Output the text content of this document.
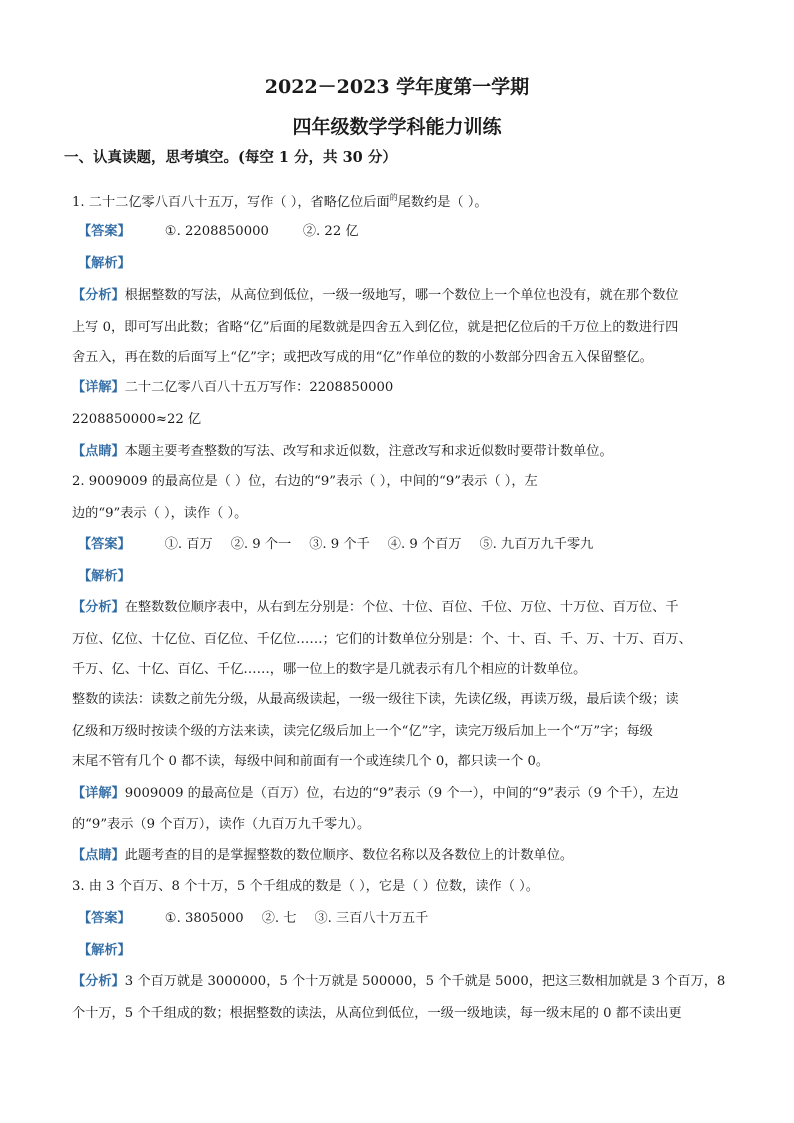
2022－2023 学年度第一学期
四年级数学学科能力训练
一、认真读题，思考填空。(每空 1 分，共 30 分）
1. 二十二亿零八百八十五万，写作（ ），省略亿位后面$^的$尾数约是（ ）。
【答案】	①. 2208850000	②. 22 亿
【解析】
【分析】根据整数的写法，从高位到低位，一级一级地写，哪一个数位上一个单位也没有，就在那个数位
上写 0，即可写出此数；省略“亿”后面的尾数就是四舍五入到亿位，就是把亿位后的千万位上的数进行四
舍五入，再在数的后面写上“亿”字；或把改写成的用“亿”作单位的数的小数部分四舍五入保留整亿。
【详解】二十二亿零八百八十五万写作：2208850000
2208850000≈22 亿
【点睛】本题主要考查整数的写法、改写和求近似数，注意改写和求近似数时要带计数单位。
2. 9009009 的最高位是（ ）位，右边的“9”表示（ ），中间的“9”表示（ ），左
边的“9”表示（ ），读作（ ）。
【答案】	①. 百万 ②. 9 个一 ③. 9 个千 ④. 9 个百万 ⑤. 九百万九千零九
【解析】
【分析】在整数数位顺序表中，从右到左分别是：个位、十位、百位、千位、万位、十万位、百万位、千
万位、亿位、十亿位、百亿位、千亿位……；它们的计数单位分别是：个、十、百、千、万、十万、百万、
千万、亿、十亿、百亿、千亿……，哪一位上的数字是几就表示有几个相应的计数单位。
整数的读法：读数之前先分级，从最高级读起，一级一级往下读，先读亿级，再读万级，最后读个级；读
亿级和万级时按读个级的方法来读，读完亿级后加上一个“亿”字，读完万级后加上一个“万”字；每级
末尾不管有几个 0 都不读，每级中间和前面有一个或连续几个 0，都只读一个 0。
【详解】9009009 的最高位是（百万）位，右边的“9”表示（9 个一），中间的“9”表示（9 个千），左边
的“9”表示（9 个百万），读作（九百万九千零九）。
【点睛】此题考查的目的是掌握整数的数位顺序、数位名称以及各数位上的计数单位。
3. 由 3 个百万、8 个十万，5 个千组成的数是（ ），它是（ ）位数，读作（ ）。
【答案】	①. 3805000 ②. 七 ③. 三百八十万五千
【解析】
【分析】3 个百万就是 3000000，5 个十万就是 500000，5 个千就是 5000，把这三数相加就是 3 个百万，8
个十万，5 个千组成的数；根据整数的读法，从高位到低位，一级一级地读，每一级末尾的 0 都不读出更
